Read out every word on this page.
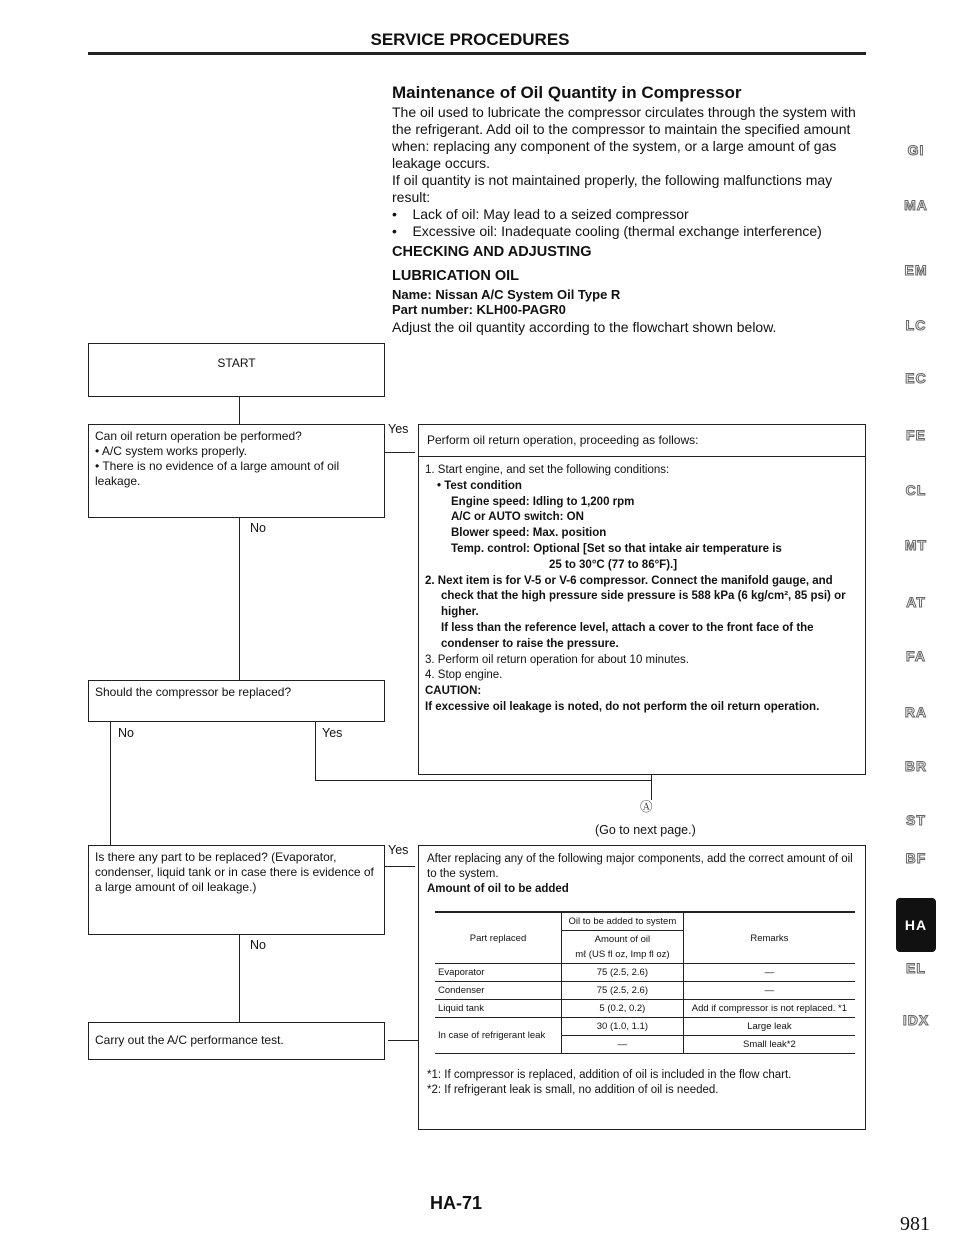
SERVICE PROCEDURES
Maintenance of Oil Quantity in Compressor
The oil used to lubricate the compressor circulates through the system with the refrigerant. Add oil to the compressor to maintain the specified amount when: replacing any component of the system, or a large amount of gas leakage occurs.
If oil quantity is not maintained properly, the following malfunctions may result:
•    Lack of oil: May lead to a seized compressor
•    Excessive oil: Inadequate cooling (thermal exchange interference)
CHECKING AND ADJUSTING
LUBRICATION OIL
Name: Nissan A/C System Oil Type R
Part number: KLH00-PAGR0
Adjust the oil quantity according to the flowchart shown below.
START
Can oil return operation be performed?
• A/C system works properly.
• There is no evidence of a large amount of oil leakage.
Yes
No
Should the compressor be replaced?
No	Yes
Ⓐ
(Go to next page.)
Perform oil return operation, proceeding as follows:
1. Start engine, and set the following conditions:
• Test condition
Engine speed: Idling to 1,200 rpm
A/C or AUTO switch: ON
Blower speed: Max. position
Temp. control: Optional [Set so that intake air temperature is
25 to 30°C (77 to 86°F).]
2. Next item is for V-5 or V-6 compressor. Connect the manifold gauge, and check that the high pressure side pressure is 588 kPa (6 kg/cm², 85 psi) or higher.
If less than the reference level, attach a cover to the front face of the condenser to raise the pressure.
3. Perform oil return operation for about 10 minutes.
4. Stop engine.
CAUTION:
If excessive oil leakage is noted, do not perform the oil return operation.
Is there any part to be replaced? (Evaporator, condenser, liquid tank or in case there is evidence of a large amount of oil leakage.)
Yes
No
Carry out the A/C performance test.
After replacing any of the following major components, add the correct amount of oil to the system.
Amount of oil to be added
Part replaced	Oil to be added to system	Remarks
	Amount of oil
mℓ (US fl oz, Imp fl oz)	
Evaporator	75 (2.5, 2.6)	—
Condenser	75 (2.5, 2.6)	—
Liquid tank	5 (0.2, 0.2)	Add if compressor is not replaced. *1
In case of refrigerant leak	30 (1.0, 1.1)	Large leak
	—	Small leak*2
*1: If compressor is replaced, addition of oil is included in the flow chart.
*2: If refrigerant leak is small, no addition of oil is needed.
GI
MA
EM
LC
EC
FE
CL
MT
AT
FA
RA
BR
ST
BF
HA
EL
IDX
HA-71
981
